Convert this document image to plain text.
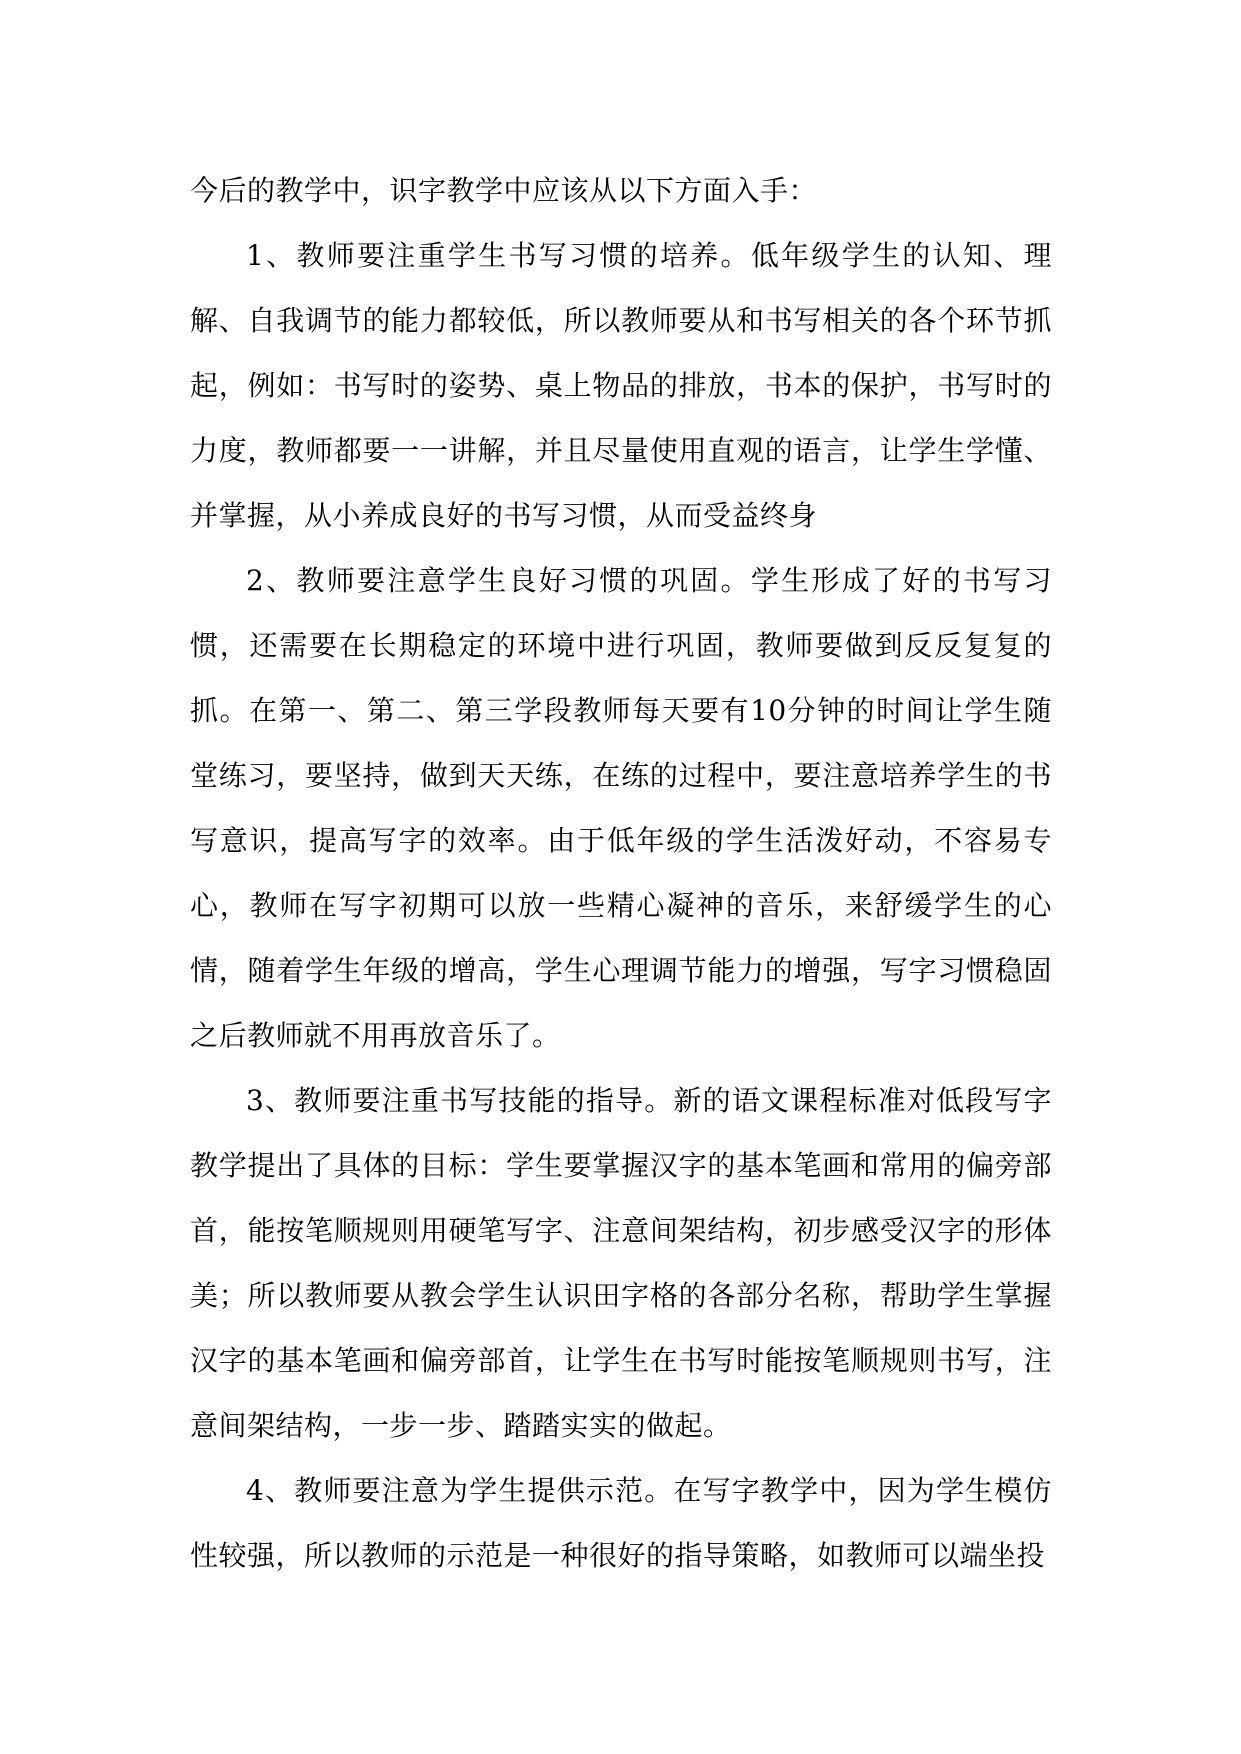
今后的教学中，识字教学中应该从以下方面入手：

1、教师要注重学生书写习惯的培养。低年级学生的认知、理解、自我调节的能力都较低，所以教师要从和书写相关的各个环节抓起，例如：书写时的姿势、桌上物品的排放，书本的保护，书写时的力度，教师都要一一讲解，并且尽量使用直观的语言，让学生学懂、并掌握，从小养成良好的书写习惯，从而受益终身

2、教师要注意学生良好习惯的巩固。学生形成了好的书写习惯，还需要在长期稳定的环境中进行巩固，教师要做到反反复复的抓。在第一、第二、第三学段教师每天要有10分钟的时间让学生随堂练习，要坚持，做到天天练，在练的过程中，要注意培养学生的书写意识，提高写字的效率。由于低年级的学生活泼好动，不容易专心，教师在写字初期可以放一些精心凝神的音乐，来舒缓学生的心情，随着学生年级的增高，学生心理调节能力的增强，写字习惯稳固之后教师就不用再放音乐了。

3、教师要注重书写技能的指导。新的语文课程标准对低段写字教学提出了具体的目标：学生要掌握汉字的基本笔画和常用的偏旁部首，能按笔顺规则用硬笔写字、注意间架结构，初步感受汉字的形体美；所以教师要从教会学生认识田字格的各部分名称，帮助学生掌握汉字的基本笔画和偏旁部首，让学生在书写时能按笔顺规则书写，注意间架结构，一步一步、踏踏实实的做起。

4、教师要注意为学生提供示范。在写字教学中，因为学生模仿性较强，所以教师的示范是一种很好的指导策略，如教师可以端坐投
